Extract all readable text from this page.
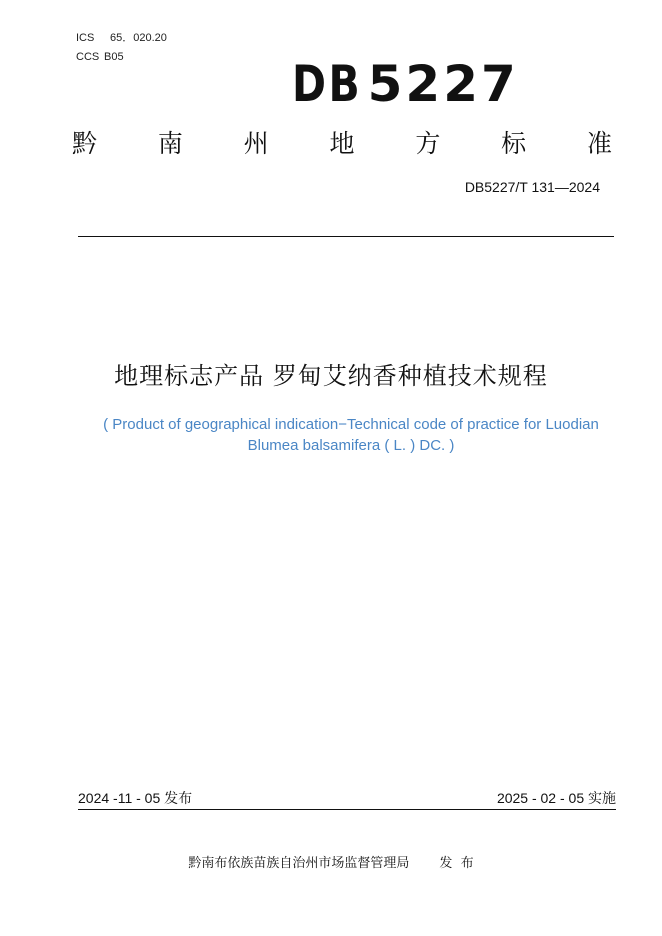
ICS 65．020.20
CCS B05	DB 5227
黔 南 州 地 方 标 准
DB5227/T 131—2024
地理标志产品 罗甸艾纳香种植技术规程
( Product of geographical indication−Technical code of practice for Luodian
Blumea balsamifera ( L. ) DC. )
2024 -11 - 05 发布	2025 - 02 - 05 实施
黔南布依族苗族自治州市场监督管理局 发  布
